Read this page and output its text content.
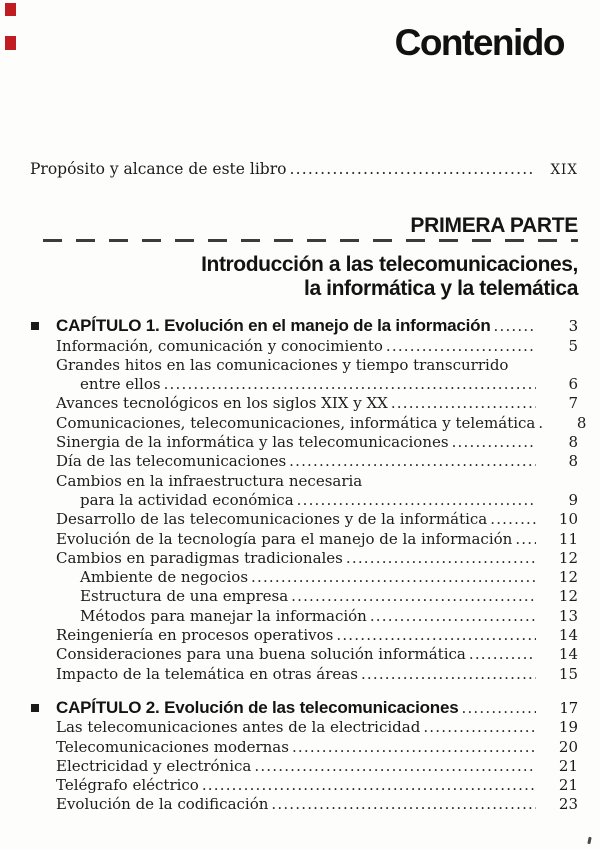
Contenido
Propósito y alcance de este libro .....	XIX
PRIMERA PARTE
Introducción a las telecomunicaciones,
la informática y la telemática
CAPÍTULO 1. Evolución en el manejo de la información .....	3
Información, comunicación y conocimiento .....	5
Grandes hitos en las comunicaciones y tiempo transcurrido
entre ellos .....	6
Avances tecnológicos en los siglos XIX y XX .....	7
Comunicaciones, telecomunicaciones, informática y telemática .....	8
Sinergia de la informática y las telecomunicaciones .....	8
Día de las telecomunicaciones .....	8
Cambios en la infraestructura necesaria
para la actividad económica .....	9
Desarrollo de las telecomunicaciones y de la informática .....	10
Evolución de la tecnología para el manejo de la información .....	11
Cambios en paradigmas tradicionales .....	12
Ambiente de negocios .....	12
Estructura de una empresa .....	12
Métodos para manejar la información .....	13
Reingeniería en procesos operativos .....	14
Consideraciones para una buena solución informática .....	14
Impacto de la telemática en otras áreas .....	15
CAPÍTULO 2. Evolución de las telecomunicaciones .....	17
Las telecomunicaciones antes de la electricidad .....	19
Telecomunicaciones modernas .....	20
Electricidad y electrónica .....	21
Telégrafo eléctrico .....	21
Evolución de la codificación .....	23
